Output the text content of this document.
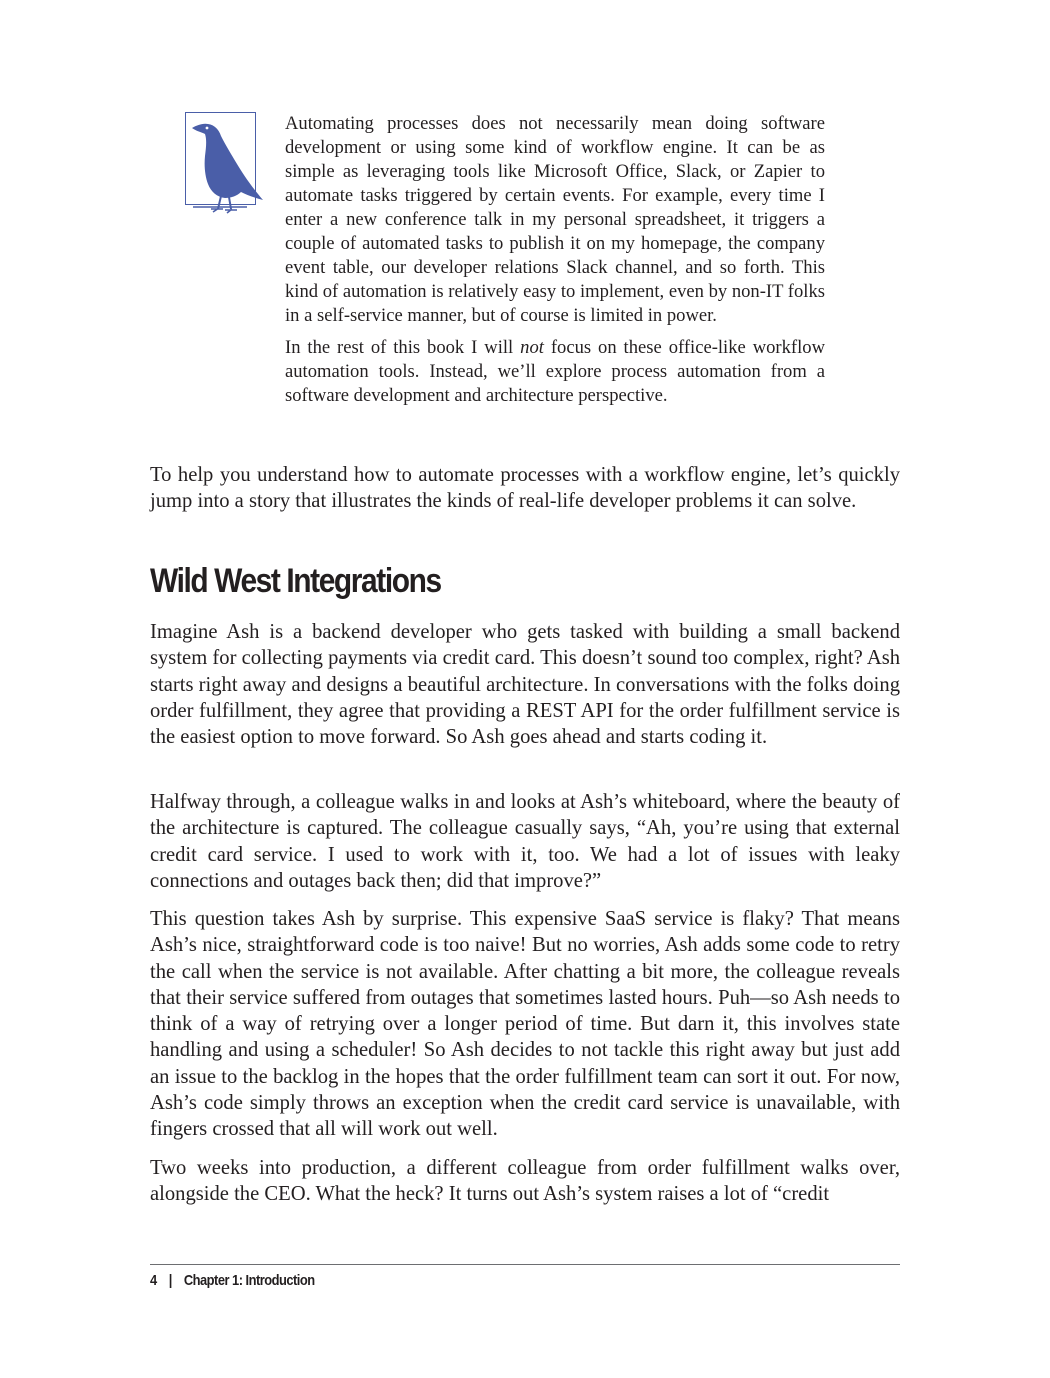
Automating processes does not necessarily mean doing software development or using some kind of workflow engine. It can be as simple as leveraging tools like Microsoft Office, Slack, or Zapier to automate tasks triggered by certain events. For example, every time I enter a new conference talk in my personal spreadsheet, it triggers a couple of automated tasks to publish it on my homepage, the company event table, our developer relations Slack channel, and so forth. This kind of automation is relatively easy to implement, even by non-IT folks in a self-service manner, but of course is limited in power.

In the rest of this book I will not focus on these office-like workflow automation tools. Instead, we’ll explore process automation from a software development and architecture perspective.

To help you understand how to automate processes with a workflow engine, let’s quickly jump into a story that illustrates the kinds of real-life developer problems it can solve.

Wild West Integrations

Imagine Ash is a backend developer who gets tasked with building a small backend system for collecting payments via credit card. This doesn’t sound too complex, right? Ash starts right away and designs a beautiful architecture. In conversations with the folks doing order fulfillment, they agree that providing a REST API for the order fulfillment service is the easiest option to move forward. So Ash goes ahead and starts coding it.

Halfway through, a colleague walks in and looks at Ash’s whiteboard, where the beauty of the architecture is captured. The colleague casually says, “Ah, you’re using that external credit card service. I used to work with it, too. We had a lot of issues with leaky connections and outages back then; did that improve?”

This question takes Ash by surprise. This expensive SaaS service is flaky? That means Ash’s nice, straightforward code is too naive! But no worries, Ash adds some code to retry the call when the service is not available. After chatting a bit more, the colleague reveals that their service suffered from outages that sometimes lasted hours. Puh—so Ash needs to think of a way of retrying over a longer period of time. But darn it, this involves state handling and using a scheduler! So Ash decides to not tackle this right away but just add an issue to the backlog in the hopes that the order fulfillment team can sort it out. For now, Ash’s code simply throws an exception when the credit card service is unavailable, with fingers crossed that all will work out well.

Two weeks into production, a different colleague from order fulfillment walks over, alongside the CEO. What the heck? It turns out Ash’s system raises a lot of “credit

4 | Chapter 1: Introduction
